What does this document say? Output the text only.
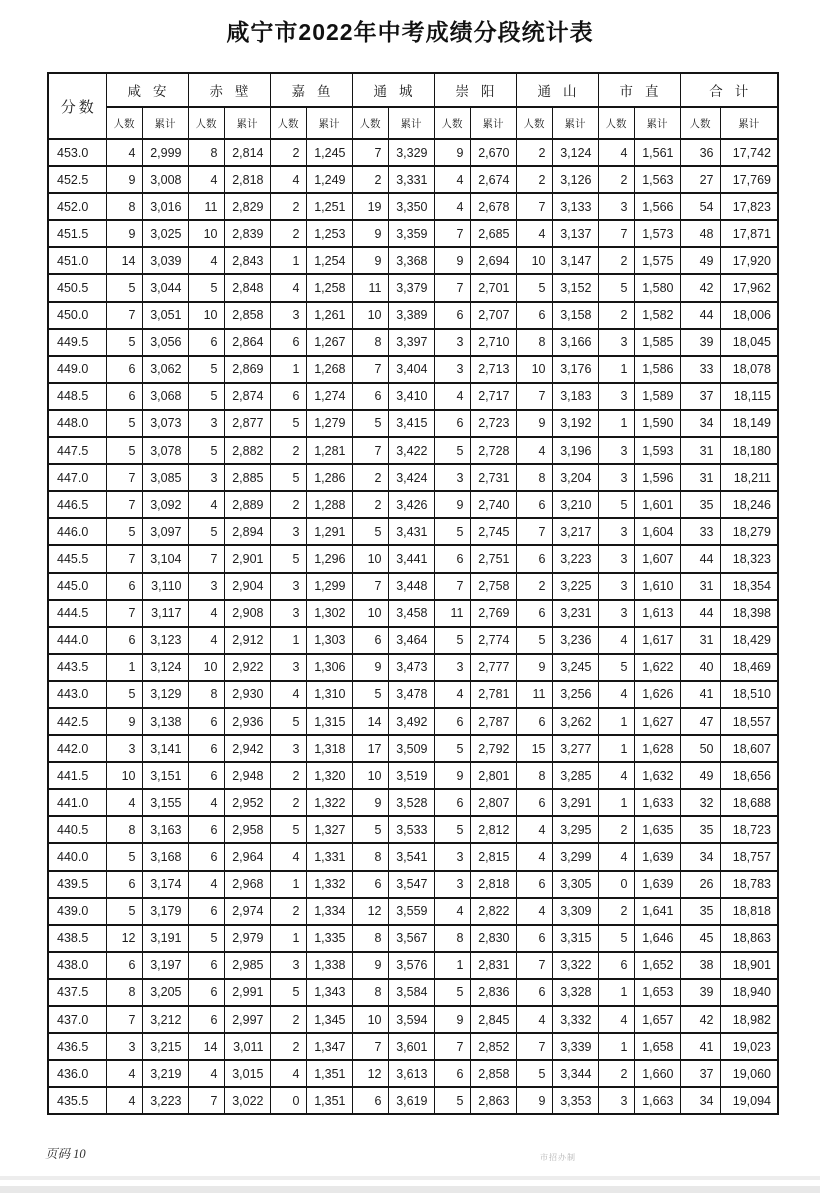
咸宁市2022年中考成绩分段统计表
分数	咸安		赤壁		嘉鱼		通城		崇阳		通山		市直		合计	
	人数	累计	人数	累计	人数	累计	人数	累计	人数	累计	人数	累计	人数	累计	人数	累计
453.0	4	2,999	8	2,814	2	1,245	7	3,329	9	2,670	2	3,124	4	1,561	36	17,742
452.5	9	3,008	4	2,818	4	1,249	2	3,331	4	2,674	2	3,126	2	1,563	27	17,769
452.0	8	3,016	11	2,829	2	1,251	19	3,350	4	2,678	7	3,133	3	1,566	54	17,823
451.5	9	3,025	10	2,839	2	1,253	9	3,359	7	2,685	4	3,137	7	1,573	48	17,871
451.0	14	3,039	4	2,843	1	1,254	9	3,368	9	2,694	10	3,147	2	1,575	49	17,920
450.5	5	3,044	5	2,848	4	1,258	11	3,379	7	2,701	5	3,152	5	1,580	42	17,962
450.0	7	3,051	10	2,858	3	1,261	10	3,389	6	2,707	6	3,158	2	1,582	44	18,006
449.5	5	3,056	6	2,864	6	1,267	8	3,397	3	2,710	8	3,166	3	1,585	39	18,045
449.0	6	3,062	5	2,869	1	1,268	7	3,404	3	2,713	10	3,176	1	1,586	33	18,078
448.5	6	3,068	5	2,874	6	1,274	6	3,410	4	2,717	7	3,183	3	1,589	37	18,115
448.0	5	3,073	3	2,877	5	1,279	5	3,415	6	2,723	9	3,192	1	1,590	34	18,149
447.5	5	3,078	5	2,882	2	1,281	7	3,422	5	2,728	4	3,196	3	1,593	31	18,180
447.0	7	3,085	3	2,885	5	1,286	2	3,424	3	2,731	8	3,204	3	1,596	31	18,211
446.5	7	3,092	4	2,889	2	1,288	2	3,426	9	2,740	6	3,210	5	1,601	35	18,246
446.0	5	3,097	5	2,894	3	1,291	5	3,431	5	2,745	7	3,217	3	1,604	33	18,279
445.5	7	3,104	7	2,901	5	1,296	10	3,441	6	2,751	6	3,223	3	1,607	44	18,323
445.0	6	3,110	3	2,904	3	1,299	7	3,448	7	2,758	2	3,225	3	1,610	31	18,354
444.5	7	3,117	4	2,908	3	1,302	10	3,458	11	2,769	6	3,231	3	1,613	44	18,398
444.0	6	3,123	4	2,912	1	1,303	6	3,464	5	2,774	5	3,236	4	1,617	31	18,429
443.5	1	3,124	10	2,922	3	1,306	9	3,473	3	2,777	9	3,245	5	1,622	40	18,469
443.0	5	3,129	8	2,930	4	1,310	5	3,478	4	2,781	11	3,256	4	1,626	41	18,510
442.5	9	3,138	6	2,936	5	1,315	14	3,492	6	2,787	6	3,262	1	1,627	47	18,557
442.0	3	3,141	6	2,942	3	1,318	17	3,509	5	2,792	15	3,277	1	1,628	50	18,607
441.5	10	3,151	6	2,948	2	1,320	10	3,519	9	2,801	8	3,285	4	1,632	49	18,656
441.0	4	3,155	4	2,952	2	1,322	9	3,528	6	2,807	6	3,291	1	1,633	32	18,688
440.5	8	3,163	6	2,958	5	1,327	5	3,533	5	2,812	4	3,295	2	1,635	35	18,723
440.0	5	3,168	6	2,964	4	1,331	8	3,541	3	2,815	4	3,299	4	1,639	34	18,757
439.5	6	3,174	4	2,968	1	1,332	6	3,547	3	2,818	6	3,305	0	1,639	26	18,783
439.0	5	3,179	6	2,974	2	1,334	12	3,559	4	2,822	4	3,309	2	1,641	35	18,818
438.5	12	3,191	5	2,979	1	1,335	8	3,567	8	2,830	6	3,315	5	1,646	45	18,863
438.0	6	3,197	6	2,985	3	1,338	9	3,576	1	2,831	7	3,322	6	1,652	38	18,901
437.5	8	3,205	6	2,991	5	1,343	8	3,584	5	2,836	6	3,328	1	1,653	39	18,940
437.0	7	3,212	6	2,997	2	1,345	10	3,594	9	2,845	4	3,332	4	1,657	42	18,982
436.5	3	3,215	14	3,011	2	1,347	7	3,601	7	2,852	7	3,339	1	1,658	41	19,023
436.0	4	3,219	4	3,015	4	1,351	12	3,613	6	2,858	5	3,344	2	1,660	37	19,060
435.5	4	3,223	7	3,022	0	1,351	6	3,619	5	2,863	9	3,353	3	1,663	34	19,094
页码 10	市招办制
